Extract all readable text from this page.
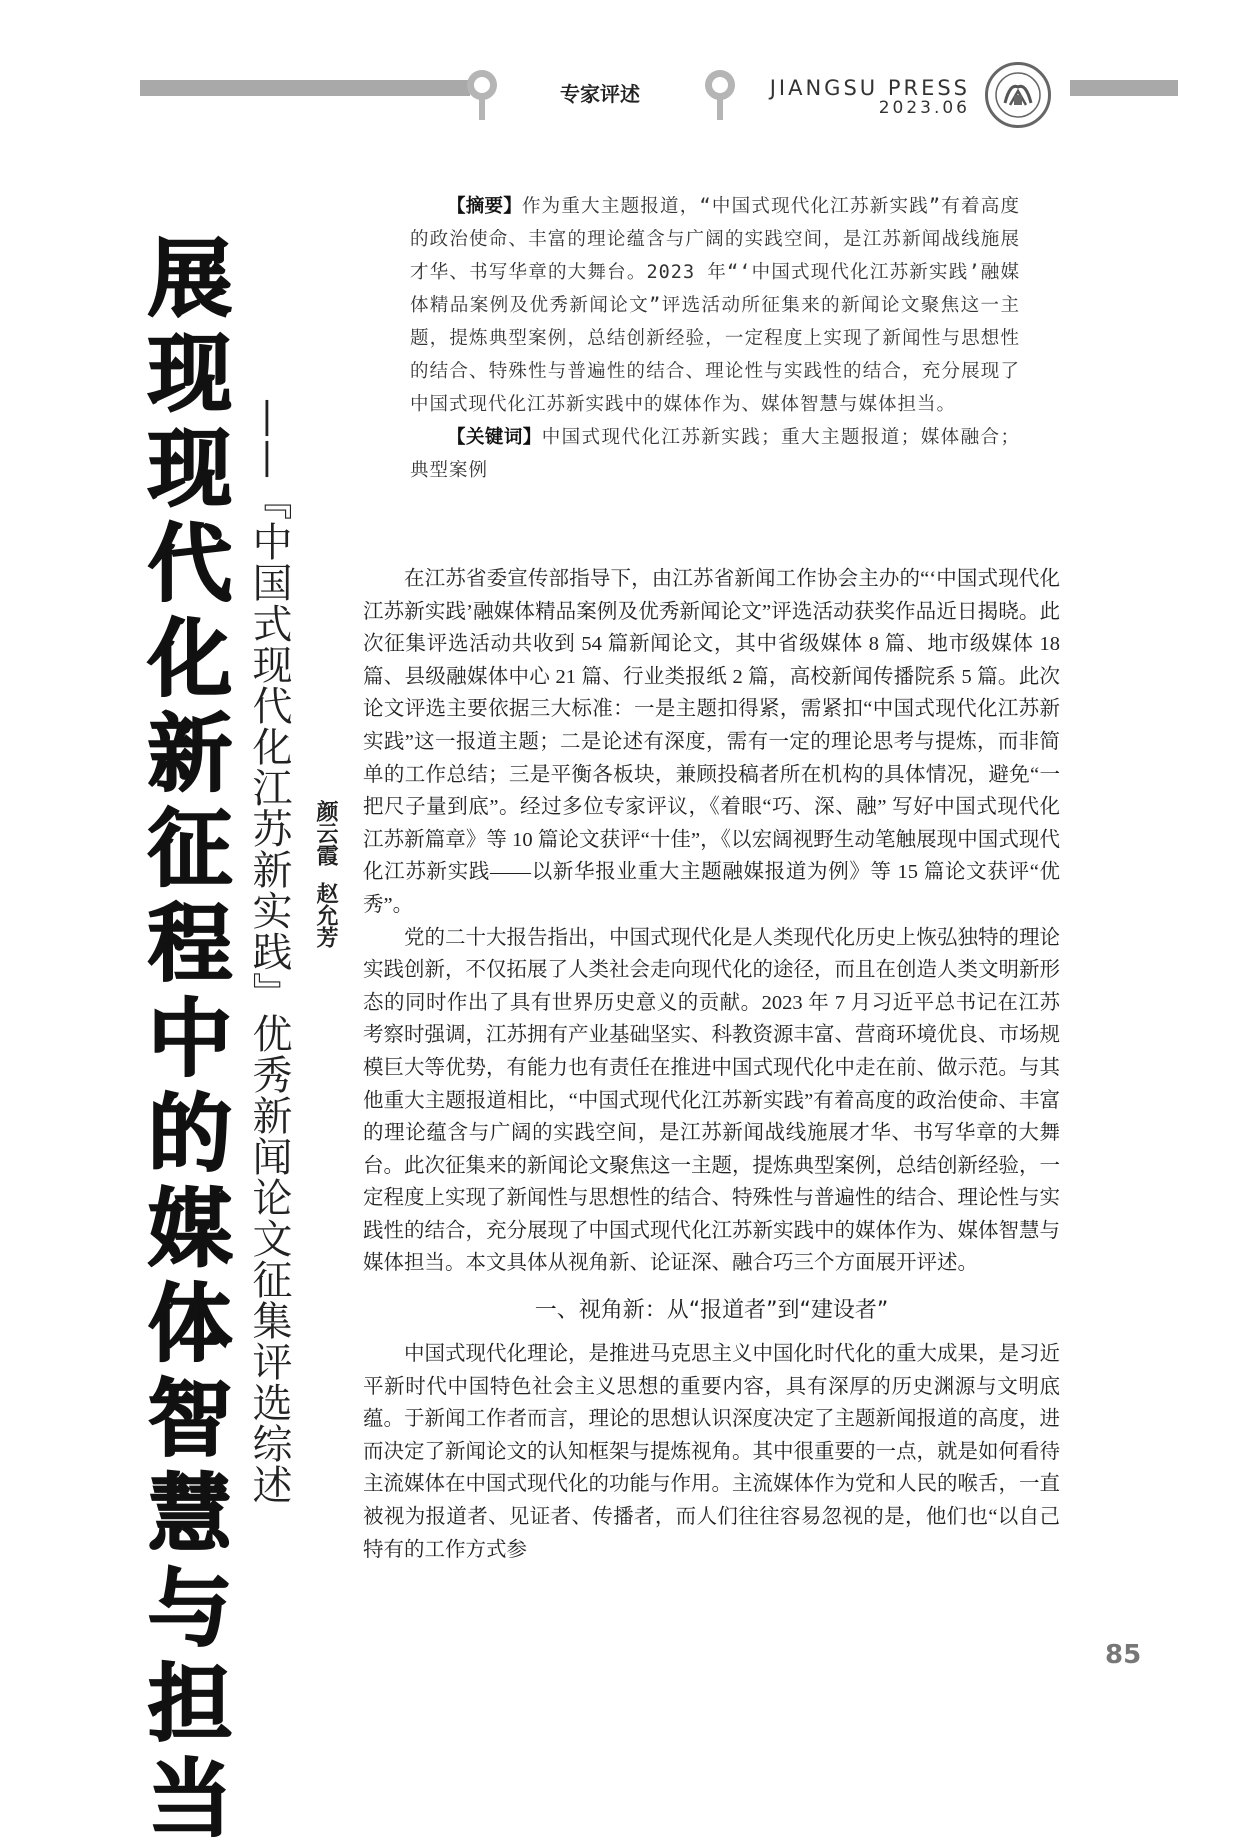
专家评述	JIANGSU PRESS
2023.06
展
现
现
代
化
新
征
程
中
的
媒
体
智
慧
与
担
当
——『中国式现代化江苏新实践』优秀新闻论文征集评选综述 颜云霞赵允芳

【摘要】作为重大主题报道，“中国式现代化江苏新实践”有着高度的政治使命、丰富的理论蕴含与广阔的实践空间，是江苏新闻战线施展才华、书写华章的大舞台。2023 年“‘中国式现代化江苏新实践’融媒体精品案例及优秀新闻论文”评选活动所征集来的新闻论文聚焦这一主题，提炼典型案例，总结创新经验，一定程度上实现了新闻性与思想性的结合、特殊性与普遍性的结合、理论性与实践性的结合，充分展现了中国式现代化江苏新实践中的媒体作为、媒体智慧与媒体担当。

【关键词】中国式现代化江苏新实践；重大主题报道；媒体融合；典型案例

在江苏省委宣传部指导下，由江苏省新闻工作协会主办的“‘中国式现代化江苏新实践’融媒体精品案例及优秀新闻论文”评选活动获奖作品近日揭晓。此次征集评选活动共收到 54 篇新闻论文，其中省级媒体 8 篇、地市级媒体 18 篇、县级融媒体中心 21 篇、行业类报纸 2 篇，高校新闻传播院系 5 篇。此次论文评选主要依据三大标准：一是主题扣得紧，需紧扣“中国式现代化江苏新实践”这一报道主题；二是论述有深度，需有一定的理论思考与提炼，而非简单的工作总结；三是平衡各板块，兼顾投稿者所在机构的具体情况，避免“一把尺子量到底”。经过多位专家评议，《着眼“巧、深、融” 写好中国式现代化江苏新篇章》等 10 篇论文获评“十佳”，《以宏阔视野生动笔触展现中国式现代化江苏新实践——以新华报业重大主题融媒报道为例》等 15 篇论文获评“优秀”。

党的二十大报告指出，中国式现代化是人类现代化历史上恢弘独特的理论实践创新，不仅拓展了人类社会走向现代化的途径，而且在创造人类文明新形态的同时作出了具有世界历史意义的贡献。2023 年 7 月习近平总书记在江苏考察时强调，江苏拥有产业基础坚实、科教资源丰富、营商环境优良、市场规模巨大等优势，有能力也有责任在推进中国式现代化中走在前、做示范。与其他重大主题报道相比，“中国式现代化江苏新实践”有着高度的政治使命、丰富的理论蕴含与广阔的实践空间，是江苏新闻战线施展才华、书写华章的大舞台。此次征集来的新闻论文聚焦这一主题，提炼典型案例，总结创新经验，一定程度上实现了新闻性与思想性的结合、特殊性与普遍性的结合、理论性与实践性的结合，充分展现了中国式现代化江苏新实践中的媒体作为、媒体智慧与媒体担当。本文具体从视角新、论证深、融合巧三个方面展开评述。

一、视角新：从“报道者”到“建设者”

中国式现代化理论，是推进马克思主义中国化时代化的重大成果，是习近平新时代中国特色社会主义思想的重要内容，具有深厚的历史渊源与文明底蕴。于新闻工作者而言，理论的思想认识深度决定了主题新闻报道的高度，进而决定了新闻论文的认知框架与提炼视角。其中很重要的一点，就是如何看待主流媒体在中国式现代化的功能与作用。主流媒体作为党和人民的喉舌，一直被视为报道者、见证者、传播者，而人们往往容易忽视的是，他们也“以自己特有的工作方式参

85
